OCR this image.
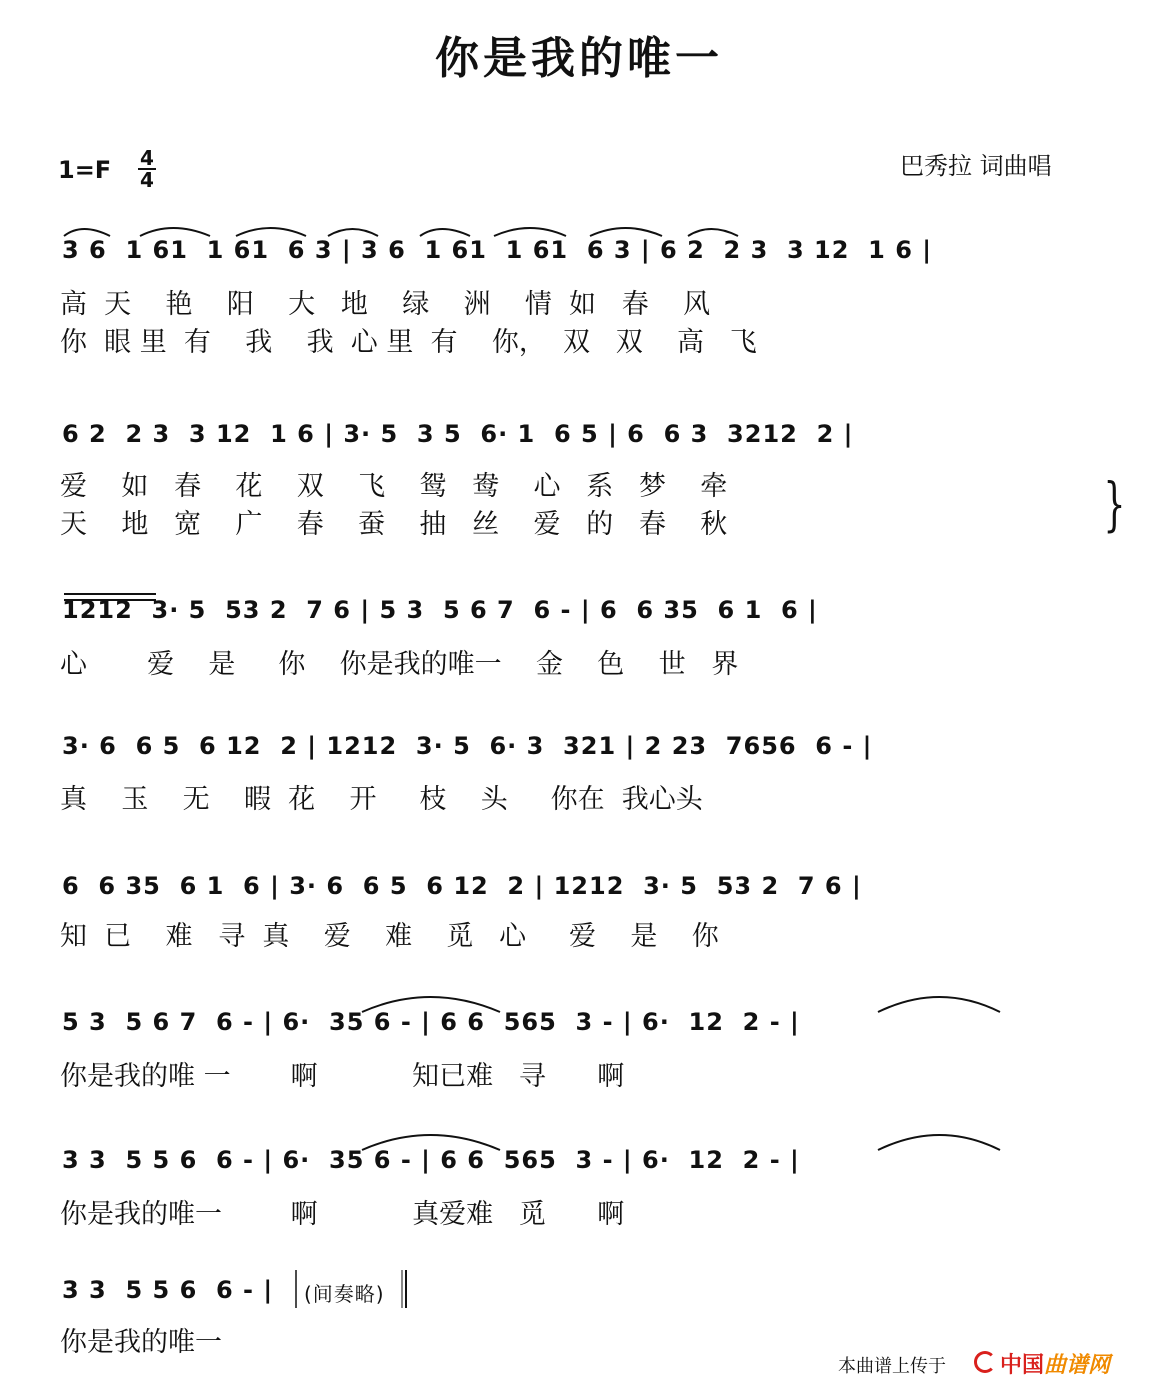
你是我的唯一
1=F 4
4	巴秀拉 词曲唱
3 6  1 61  1 61  6 3 | 3 6  1 61  1 61  6 3 | 6 2  2 3  3 12  1 6 |
高  天    艳    阳    大   地    绿    洲    情  如   春    风
你  眼 里  有    我    我  心 里  有    你，  双   双    高   飞
6 2  2 3  3 12  1 6 | 3· 5  3 5  6· 1  6 5 | 6  6 3  3212  2 |
爱    如   春    花    双    飞    鸳   鸯    心   系   梦    牵
天    地   宽    广    春    蚕    抽   丝    爱   的   春    秋	}
1212  3· 5  53 2  7 6 | 5 3  5 6 7  6 - | 6  6 35  6 1  6 |
心       爱    是     你    你是我的唯一    金    色    世   界
3· 6  6 5  6 12  2 | 1212  3· 5  6· 3  321 | 2 23  7656  6 - |
真    玉    无    暇  花    开     枝    头     你在  我心头
6  6 35  6 1  6 | 3· 6  6 5  6 12  2 | 1212  3· 5  53 2  7 6 |
知  已    难   寻  真    爱    难    觅   心     爱    是    你
5 3  5 6 7  6 - | 6·  35 6 - | 6 6  565  3 - | 6·  12  2 - |
你是我的唯 一       啊           知已难   寻      啊
3 3  5 5 6  6 - | 6·  35 6 - | 6 6  565  3 - | 6·  12  2 - |
你是我的唯一        啊           真爱难   觅      啊
3 3  5 5 6  6 - | (间奏略)
你是我的唯一
本曲谱上传于 中国曲谱网
